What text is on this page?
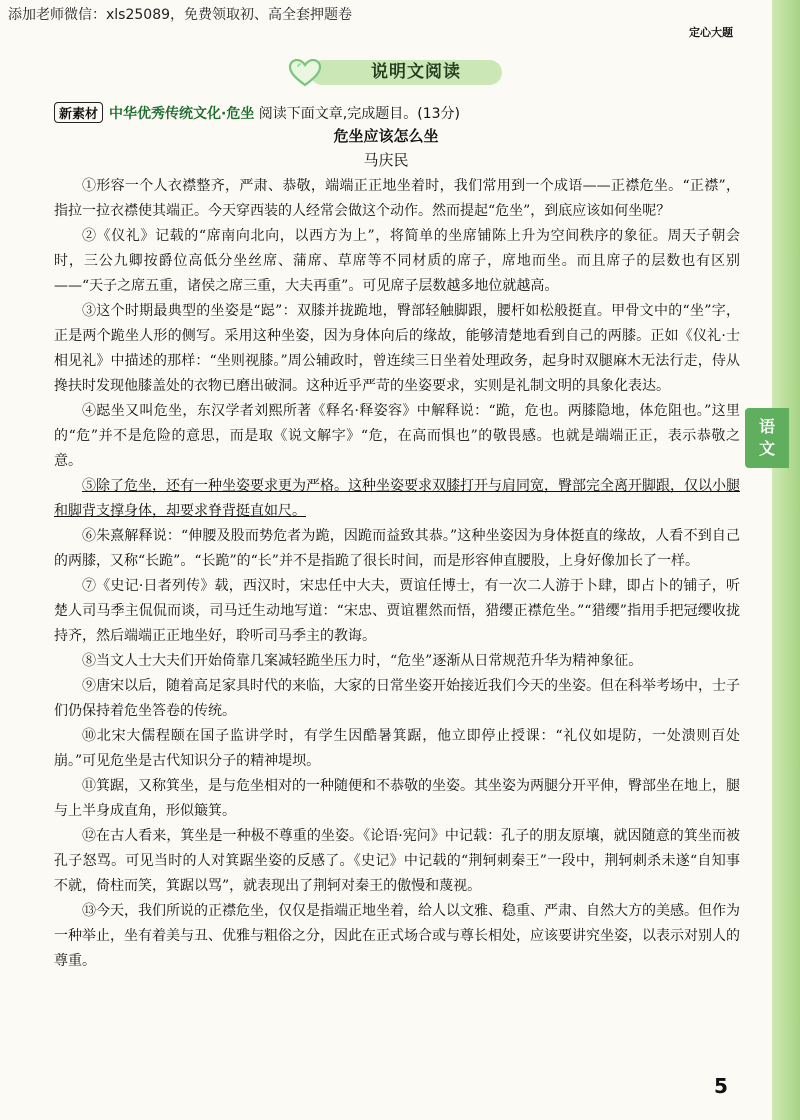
添加老师微信：xls25089，免费领取初、高全套押题卷
定心大题
说明文阅读
新素材 中华优秀传统文化·危坐 阅读下面文章,完成题目。(13分)
危坐应该怎么坐
马庆民

①形容一个人衣襟整齐，严肃、恭敬，端端正正地坐着时，我们常用到一个成语——正襟危坐。“正襟”，指拉一拉衣襟使其端正。今天穿西装的人经常会做这个动作。然而提起“危坐”，到底应该如何坐呢？

②《仪礼》记载的“席南向北向，以西方为上”，将简单的坐席铺陈上升为空间秩序的象征。周天子朝会时，三公九卿按爵位高低分坐丝席、蒲席、草席等不同材质的席子，席地而坐。而且席子的层数也有区别——“天子之席五重，诸侯之席三重，大夫再重”。可见席子层数越多地位就越高。

③这个时期最典型的坐姿是“跽”：双膝并拢跪地，臀部轻触脚跟，腰杆如松般挺直。甲骨文中的“坐”字，正是两个跪坐人形的侧写。采用这种坐姿，因为身体向后的缘故，能够清楚地看到自己的两膝。正如《仪礼·士相见礼》中描述的那样：“坐则视膝。”周公辅政时，曾连续三日坐着处理政务，起身时双腿麻木无法行走，侍从搀扶时发现他膝盖处的衣物已磨出破洞。这种近乎严苛的坐姿要求，实则是礼制文明的具象化表达。

④跽坐又叫危坐，东汉学者刘熙所著《释名·释姿容》中解释说：“跪，危也。两膝隐地，体危阻也。”这里的“危”并不是危险的意思，而是取《说文解字》“危，在高而惧也”的敬畏感。也就是端端正正，表示恭敬之意。

⑤除了危坐，还有一种坐姿要求更为严格。这种坐姿要求双膝打开与肩同宽，臀部完全离开脚跟，仅以小腿和脚背支撑身体，却要求脊背挺直如尺。

⑥朱熹解释说：“伸腰及股而势危者为跪，因跪而益致其恭。”这种坐姿因为身体挺直的缘故，人看不到自己的两膝，又称“长跪”。“长跪”的“长”并不是指跪了很长时间，而是形容伸直腰股，上身好像加长了一样。

⑦《史记·日者列传》载，西汉时，宋忠任中大夫，贾谊任博士，有一次二人游于卜肆，即占卜的铺子，听楚人司马季主侃侃而谈，司马迁生动地写道：“宋忠、贾谊瞿然而悟，猎缨正襟危坐。”“猎缨”指用手把冠缨收拢持齐，然后端端正正地坐好，聆听司马季主的教诲。

⑧当文人士大夫们开始倚靠几案减轻跪坐压力时，“危坐”逐渐从日常规范升华为精神象征。

⑨唐宋以后，随着高足家具时代的来临，大家的日常坐姿开始接近我们今天的坐姿。但在科举考场中，士子们仍保持着危坐答卷的传统。

⑩北宋大儒程颐在国子监讲学时，有学生因酷暑箕踞，他立即停止授课：“礼仪如堤防，一处溃则百处崩。”可见危坐是古代知识分子的精神堤坝。

⑪箕踞，又称箕坐，是与危坐相对的一种随便和不恭敬的坐姿。其坐姿为两腿分开平伸，臀部坐在地上，腿与上半身成直角，形似簸箕。

⑫在古人看来，箕坐是一种极不尊重的坐姿。《论语·宪问》中记载：孔子的朋友原壤，就因随意的箕坐而被孔子怒骂。可见当时的人对箕踞坐姿的反感了。《史记》中记载的“荆轲刺秦王”一段中，荆轲刺杀未遂“自知事不就，倚柱而笑，箕踞以骂”，就表现出了荆轲对秦王的傲慢和蔑视。

⑬今天，我们所说的正襟危坐，仅仅是指端正地坐着，给人以文雅、稳重、严肃、自然大方的美感。但作为一种举止，坐有着美与丑、优雅与粗俗之分，因此在正式场合或与尊长相处，应该要讲究坐姿，以表示对别人的尊重。

5
语
文
